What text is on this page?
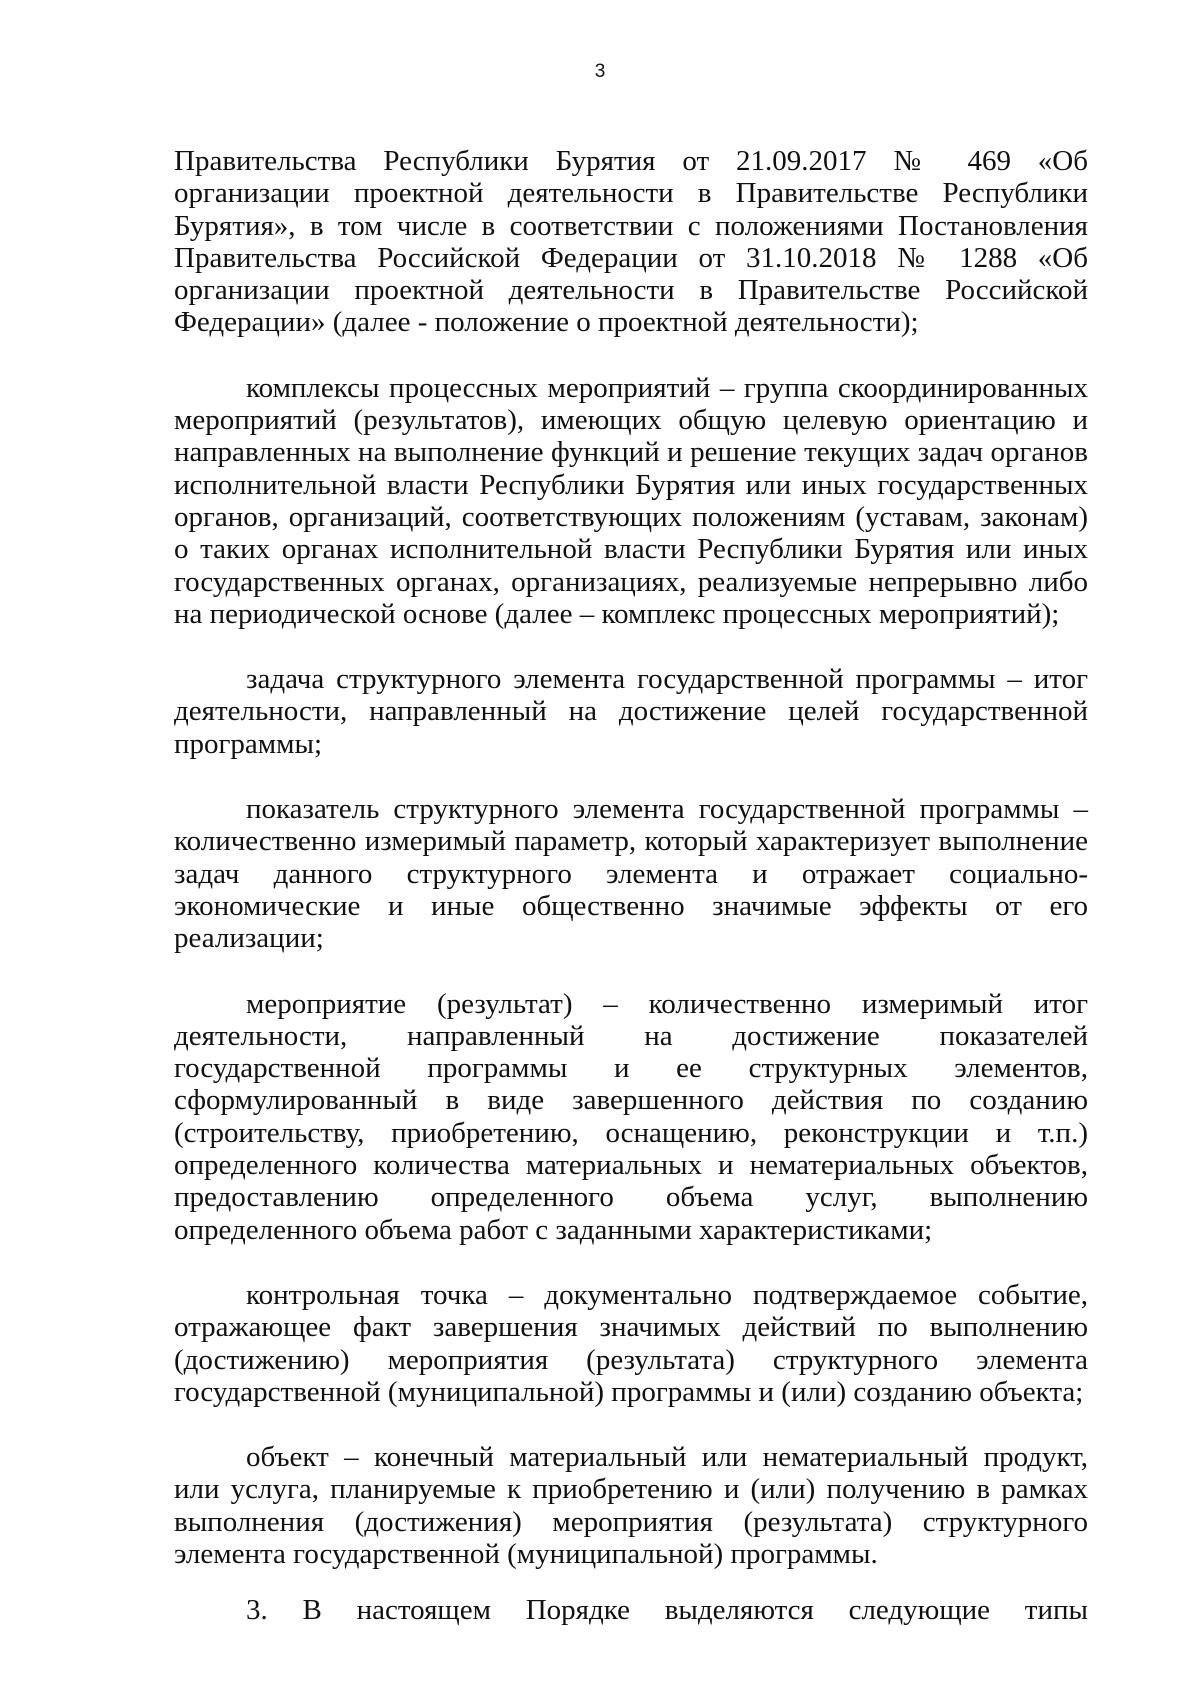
3

Правительства Республики Бурятия от 21.09.2017 № 469 «Об организации проектной деятельности в Правительстве Республики Бурятия», в том числе в соответствии с положениями Постановления Правительства Российской Федерации от 31.10.2018 № 1288 «Об организации проектной деятельности в Правительстве Российской Федерации» (далее - положение о проектной деятельности);

комплексы процессных мероприятий – группа скоординированных мероприятий (результатов), имеющих общую целевую ориентацию и направленных на выполнение функций и решение текущих задач органов исполнительной власти Республики Бурятия или иных государственных органов, организаций, соответствующих положениям (уставам, законам) о таких органах исполнительной власти Республики Бурятия или иных государственных органах, организациях, реализуемые непрерывно либо на периодической основе (далее – комплекс процессных мероприятий);

задача структурного элемента государственной программы – итог деятельности, направленный на достижение целей государственной программы;

показатель структурного элемента государственной программы – количественно измеримый параметр, который характеризует выполнение задач данного структурного элемента и отражает социально-экономические и иные общественно значимые эффекты от его реализации;

мероприятие (результат) – количественно измеримый итог деятельности, направленный на достижение показателей государственной программы и ее структурных элементов, сформулированный в виде завершенного действия по созданию (строительству, приобретению, оснащению, реконструкции и т.п.) определенного количества материальных и нематериальных объектов, предоставлению определенного объема услуг, выполнению определенного объема работ с заданными характеристиками;

контрольная точка – документально подтверждаемое событие, отражающее факт завершения значимых действий по выполнению (достижению) мероприятия (результата) структурного элемента государственной (муниципальной) программы и (или) созданию объекта;

объект – конечный материальный или нематериальный продукт, или услуга, планируемые к приобретению и (или) получению в рамках выполнения (достижения) мероприятия (результата) структурного элемента государственной (муниципальной) программы.

3. В настоящем Порядке выделяются следующие типы
